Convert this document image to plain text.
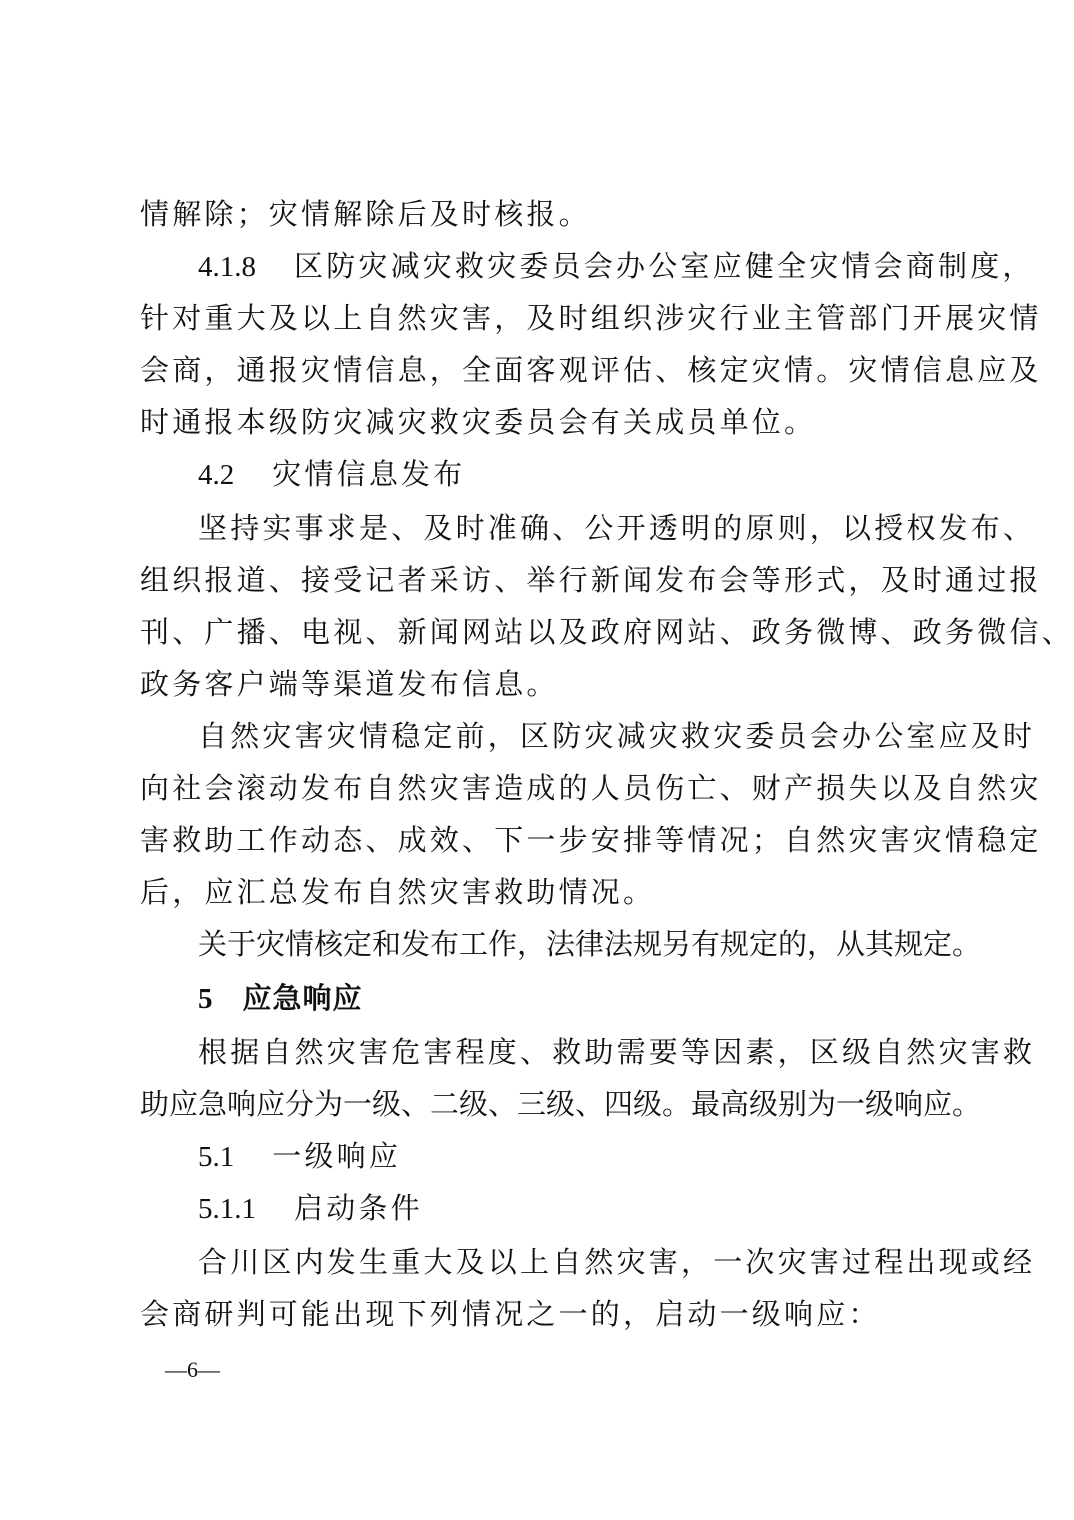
情解除；灾情解除后及时核报。
4.1.8 区防灾减灾救灾委员会办公室应健全灾情会商制度，
针对重大及以上自然灾害，及时组织涉灾行业主管部门开展灾情
会商，通报灾情信息，全面客观评估、核定灾情。灾情信息应及
时通报本级防灾减灾救灾委员会有关成员单位。
4.2 灾情信息发布
坚持实事求是、及时准确、公开透明的原则，以授权发布、
组织报道、接受记者采访、举行新闻发布会等形式，及时通过报
刊、广播、电视、新闻网站以及政府网站、政务微博、政务微信、
政务客户端等渠道发布信息。
自然灾害灾情稳定前，区防灾减灾救灾委员会办公室应及时
向社会滚动发布自然灾害造成的人员伤亡、财产损失以及自然灾
害救助工作动态、成效、下一步安排等情况；自然灾害灾情稳定
后，应汇总发布自然灾害救助情况。
关于灾情核定和发布工作，法律法规另有规定的，从其规定。
5 应急响应
根据自然灾害危害程度、救助需要等因素，区级自然灾害救
助应急响应分为一级、二级、三级、四级。最高级别为一级响应。
5.1 一级响应
5.1.1 启动条件
合川区内发生重大及以上自然灾害，一次灾害过程出现或经
会商研判可能出现下列情况之一的，启动一级响应：
—6—
